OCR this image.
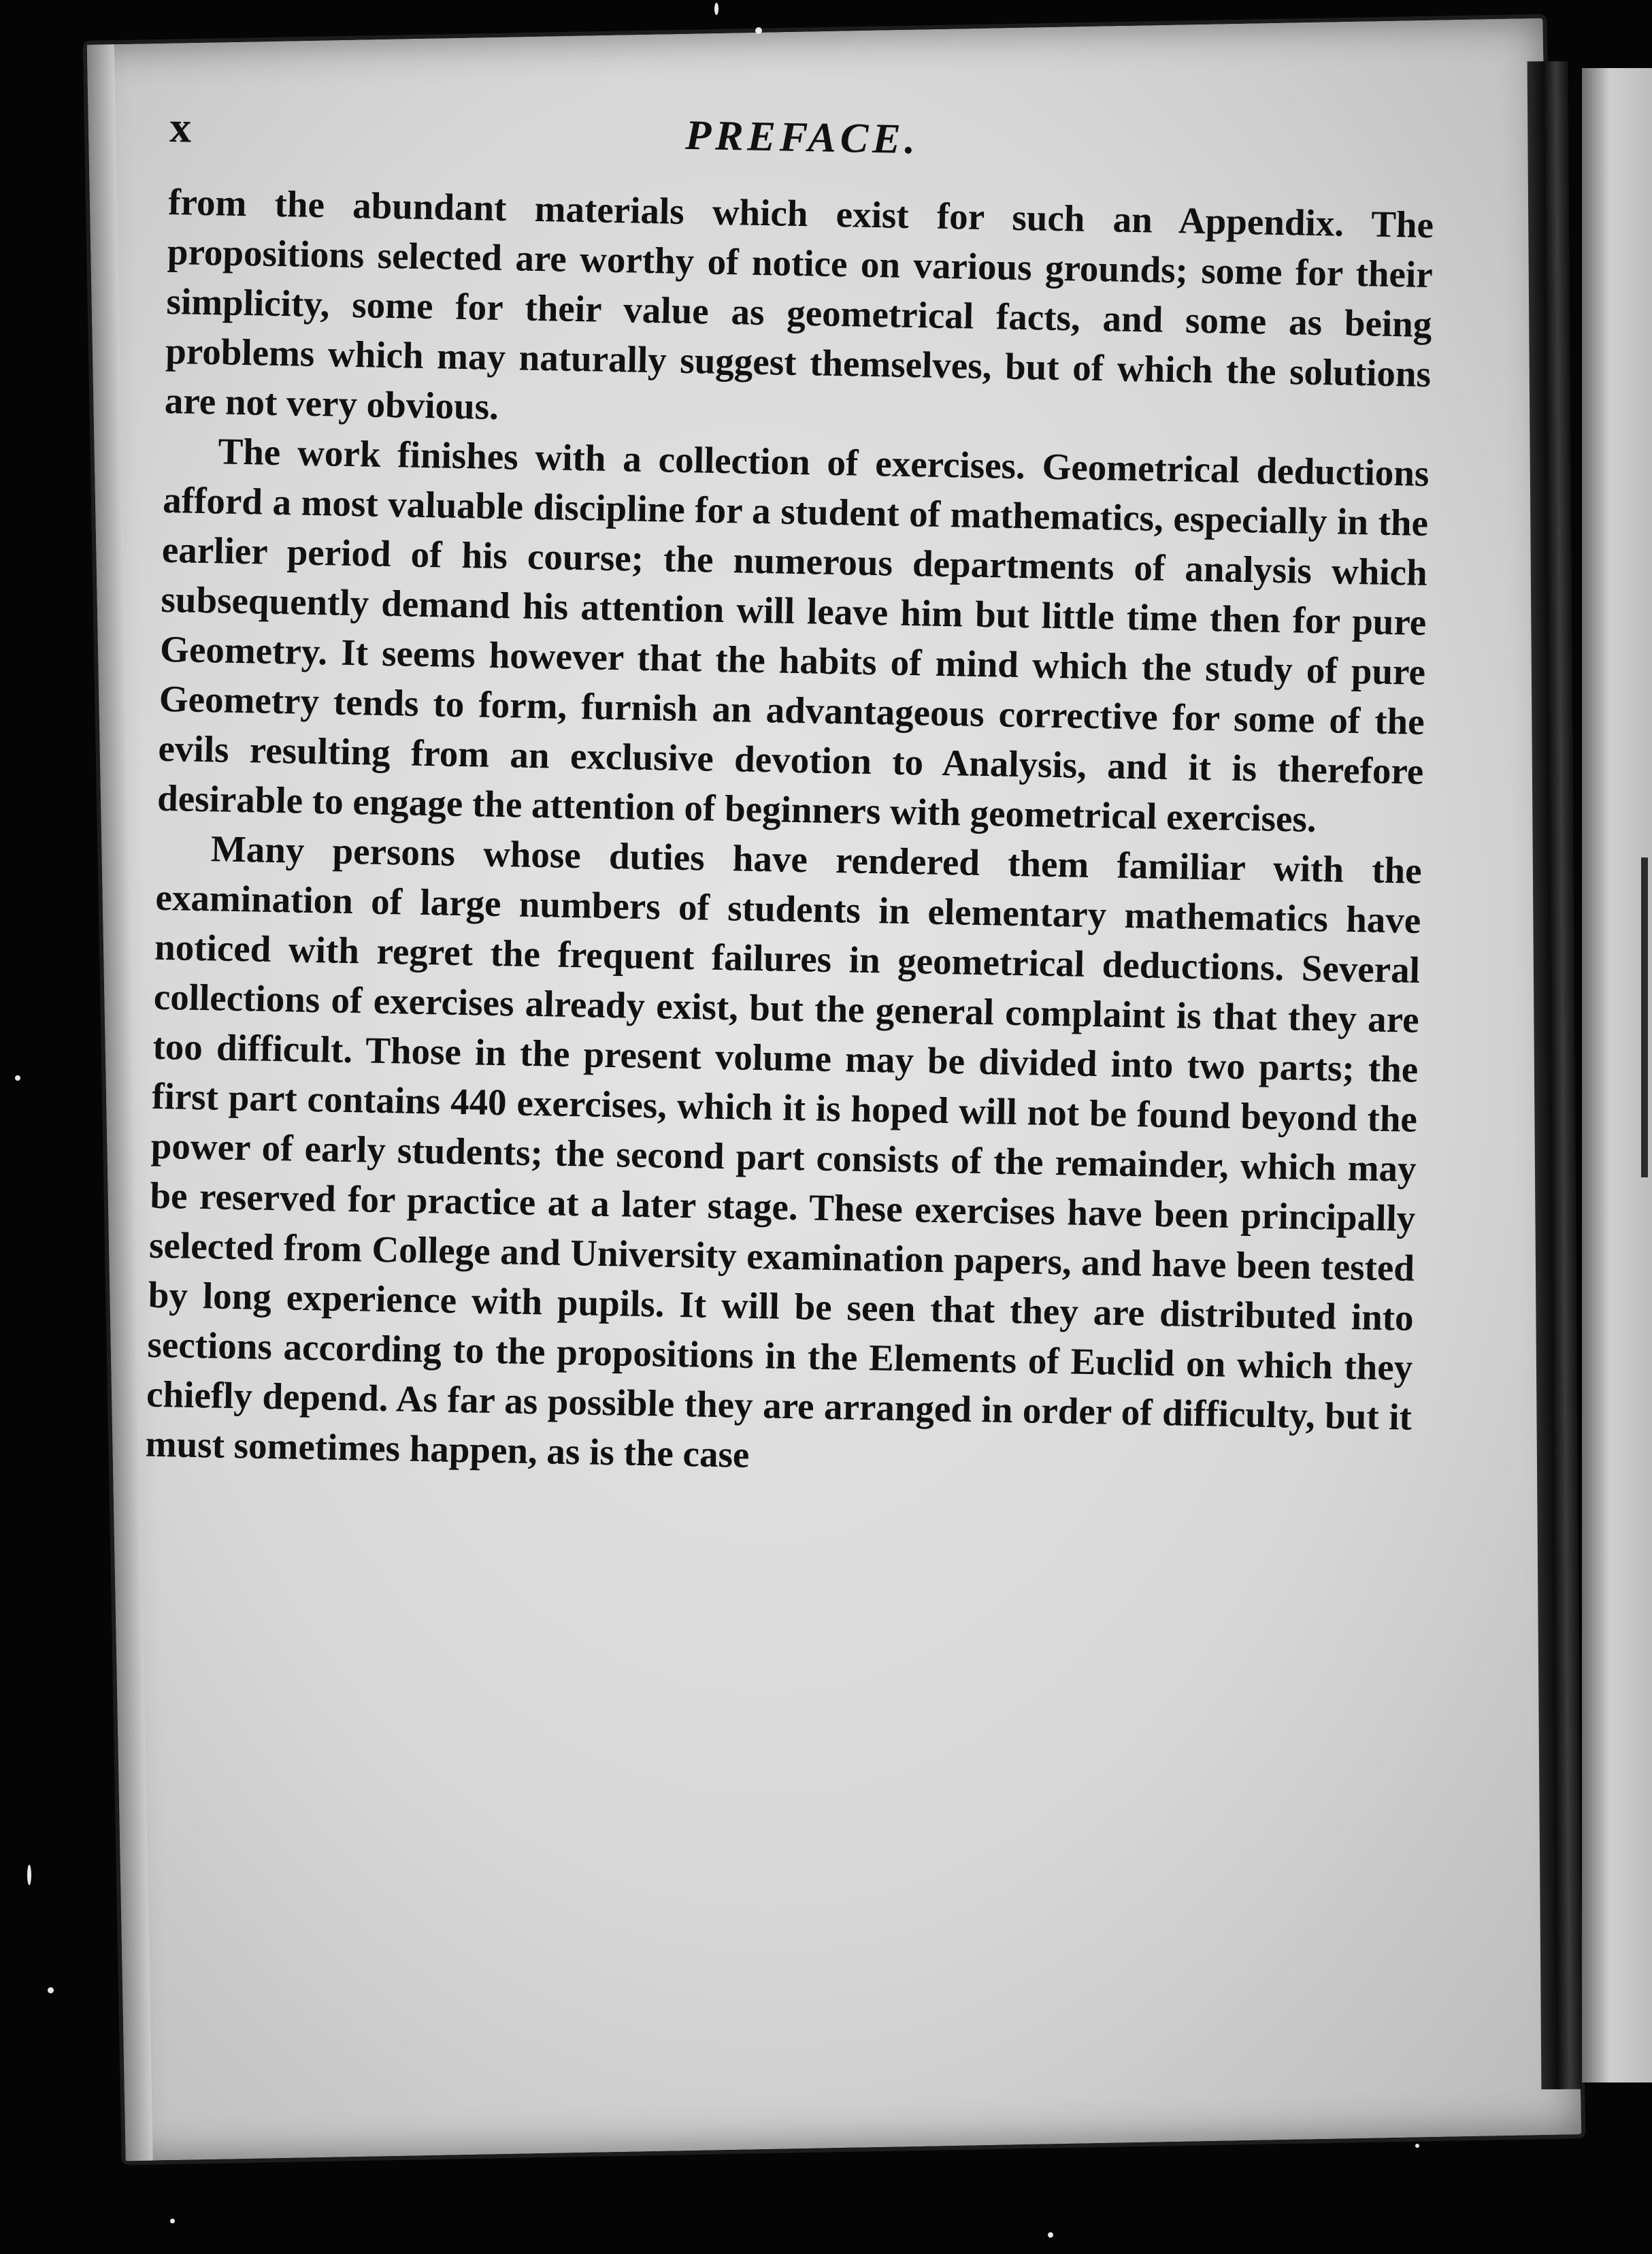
x	PREFACE.

from the abundant materials which exist for such an Appendix. The propositions selected are worthy of notice on various grounds; some for their simplicity, some for their value as geometrical facts, and some as being problems which may naturally suggest themselves, but of which the solutions are not very obvious.

The work finishes with a collection of exercises. Geometrical deductions afford a most valuable discipline for a student of mathematics, especially in the earlier period of his course; the numerous departments of analysis which subsequently demand his attention will leave him but little time then for pure Geometry. It seems however that the habits of mind which the study of pure Geometry tends to form, furnish an advantageous corrective for some of the evils resulting from an exclusive devotion to Analysis, and it is therefore desirable to engage the attention of beginners with geometrical exercises.

Many persons whose duties have rendered them familiar with the examination of large numbers of students in elementary mathematics have noticed with regret the frequent failures in geometrical deductions. Several collections of exercises already exist, but the general complaint is that they are too difficult. Those in the present volume may be divided into two parts; the first part contains 440 exercises, which it is hoped will not be found beyond the power of early students; the second part consists of the remainder, which may be reserved for practice at a later stage. These exercises have been principally selected from College and University examination papers, and have been tested by long experience with pupils. It will be seen that they are distributed into sections according to the propositions in the Elements of Euclid on which they chiefly depend. As far as possible they are arranged in order of difficulty, but it must sometimes happen, as is the case
